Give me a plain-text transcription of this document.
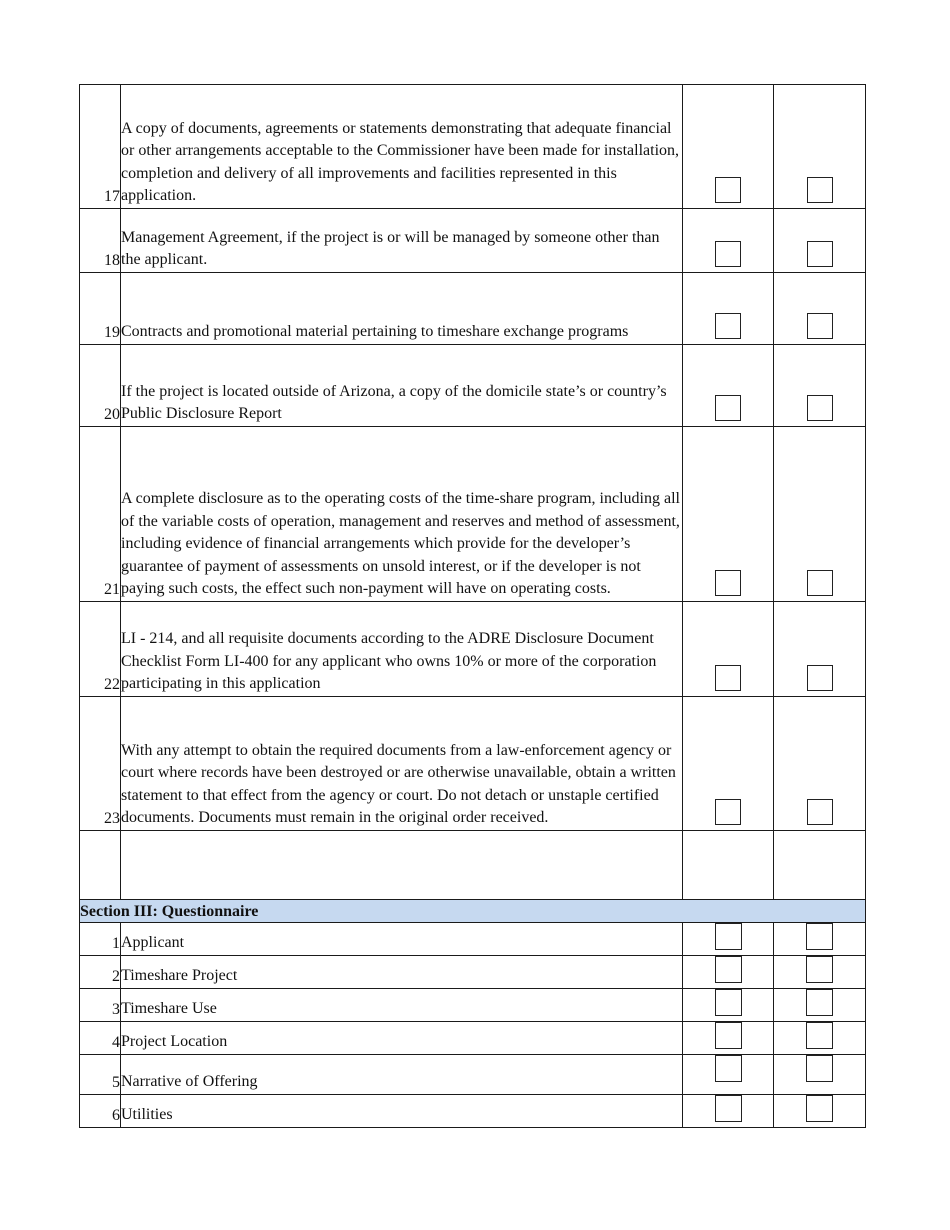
17	A copy of documents, agreements or statements demonstrating that adequate financial or other arrangements acceptable to the Commissioner have been made for installation, completion and delivery of all improvements and facilities represented in this application.		
18	Management Agreement, if the project is or will be managed by someone other than the applicant.		
19	Contracts and promotional material pertaining to timeshare exchange programs		
20	If the project is located outside of Arizona, a copy of the domicile state’s or country’s Public Disclosure Report		
21	A complete disclosure as to the operating costs of the time-share program, including all of the variable costs of operation, management and reserves and method of assessment, including evidence of financial arrangements which provide for the developer’s guarantee of payment of assessments on unsold interest, or if the developer is not paying such costs, the effect such non-payment will have on operating costs.		
22	LI - 214, and all requisite documents according to the ADRE Disclosure Document Checklist Form LI-400 for any applicant who owns 10% or more of the corporation participating in this application		
23	With any attempt to obtain the required documents from a law-enforcement agency or court where records have been destroyed or are otherwise unavailable, obtain a written statement to that effect from the agency or court. Do not detach or unstaple certified documents. Documents must remain in the original order received.		

Section III: Questionnaire			
1	Applicant		
2	Timeshare Project		
3	Timeshare Use		
4	Project Location		
5	Narrative of Offering		
6	Utilities		
